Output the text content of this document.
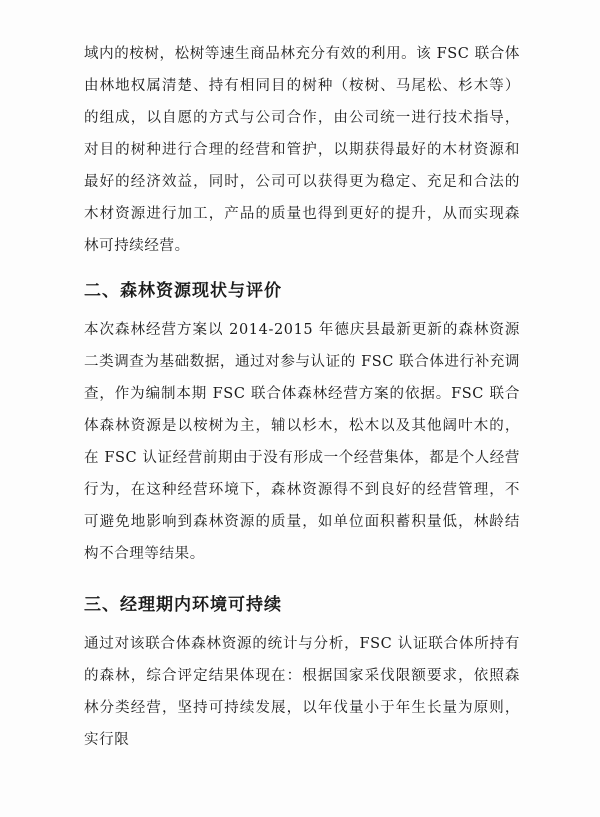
域内的桉树，松树等速生商品林充分有效的利用。该 FSC 联合体由林地权属清楚、持有相同目的树种（桉树、马尾松、杉木等）的组成，以自愿的方式与公司合作，由公司统一进行技术指导，对目的树种进行合理的经营和管护，以期获得最好的木材资源和最好的经济效益，同时，公司可以获得更为稳定、充足和合法的木材资源进行加工，产品的质量也得到更好的提升，从而实现森林可持续经营。
二、森林资源现状与评价
本次森林经营方案以 2014-2015 年德庆县最新更新的森林资源二类调查为基础数据，通过对参与认证的 FSC 联合体进行补充调查，作为编制本期 FSC 联合体森林经营方案的依据。FSC 联合体森林资源是以桉树为主，辅以杉木，松木以及其他阔叶木的，在 FSC 认证经营前期由于没有形成一个经营集体，都是个人经营行为，在这种经营环境下，森林资源得不到良好的经营管理，不可避免地影响到森林资源的质量，如单位面积蓄积量低，林龄结构不合理等结果。
三、经理期内环境可持续
通过对该联合体森林资源的统计与分析，FSC 认证联合体所持有的森林，综合评定结果体现在：根据国家采伐限额要求，依照森林分类经营，坚持可持续发展，以年伐量小于年生长量为原则，实行限
